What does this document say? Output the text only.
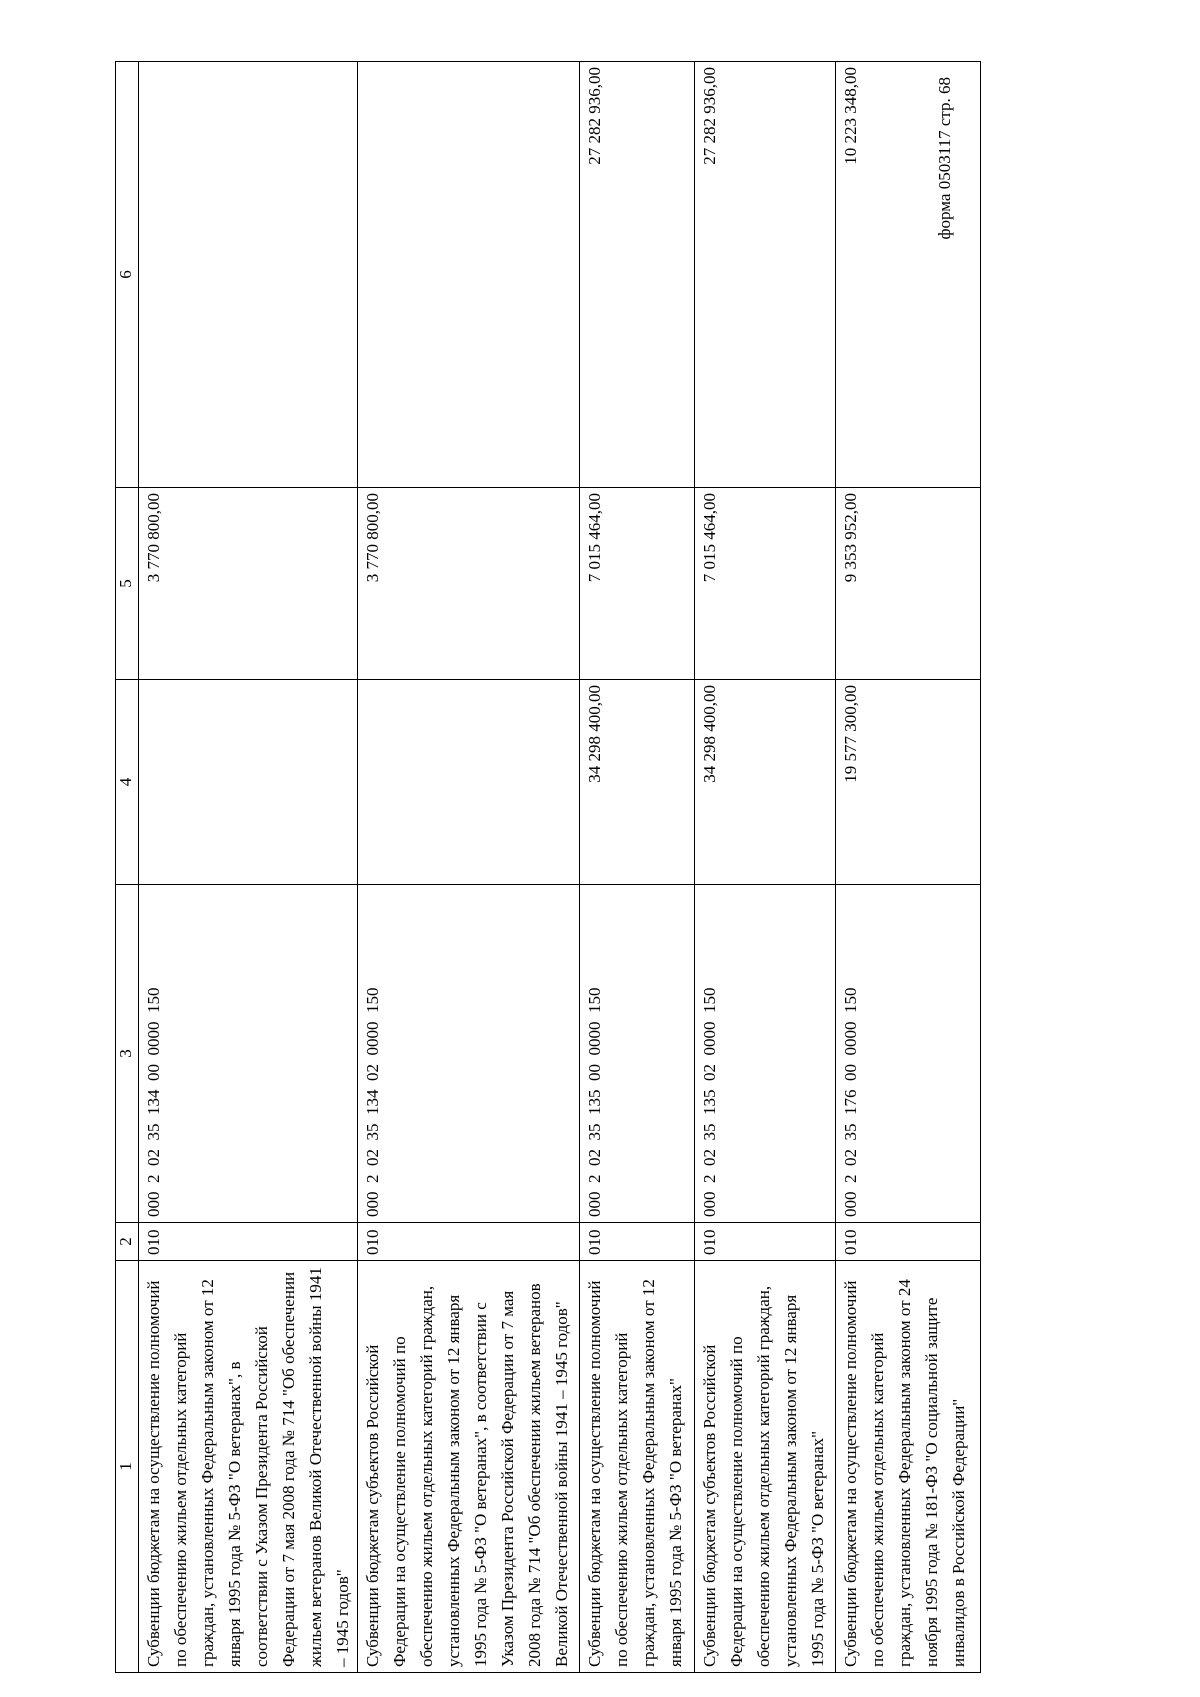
форма 0503117 стр. 68
1	2	3	4	5	6
Субвенции бюджетам на осуществление полномочий по обеспечению жильем отдельных категорий граждан, установленных Федеральным законом от 12 января 1995 года № 5-ФЗ "О ветеранах", в соответствии с Указом Президента Российской Федерации от 7 мая 2008 года № 714 "Об обеспечении жильем ветеранов Великой Отечественной войны 1941 – 1945 годов"	010	000  2  02  35  134  00  0000  150		3 770 800,00	
Субвенции бюджетам субъектов Российской Федерации на осуществление полномочий по обеспечению жильем отдельных категорий граждан, установленных Федеральным законом от 12 января 1995 года № 5-ФЗ "О ветеранах", в соответствии с Указом Президента Российской Федерации от 7 мая 2008 года № 714 "Об обеспечении жильем ветеранов Великой Отечественной войны 1941 – 1945 годов"	010	000  2  02  35  134  02  0000  150		3 770 800,00	
Субвенции бюджетам на осуществление полномочий по обеспечению жильем отдельных категорий граждан, установленных Федеральным законом от 12 января 1995 года № 5-ФЗ "О ветеранах"	010	000  2  02  35  135  00  0000  150	34 298 400,00	7 015 464,00	27 282 936,00
Субвенции бюджетам субъектов Российской Федерации на осуществление полномочий по обеспечению жильем отдельных категорий граждан, установленных Федеральным законом от 12 января 1995 года № 5-ФЗ "О ветеранах"	010	000  2  02  35  135  02  0000  150	34 298 400,00	7 015 464,00	27 282 936,00
Субвенции бюджетам на осуществление полномочий по обеспечению жильем отдельных категорий граждан, установленных Федеральным законом от 24 ноября 1995 года № 181-ФЗ "О социальной защите инвалидов в Российской Федерации"	010	000  2  02  35  176  00  0000  150	19 577 300,00	9 353 952,00	10 223 348,00
